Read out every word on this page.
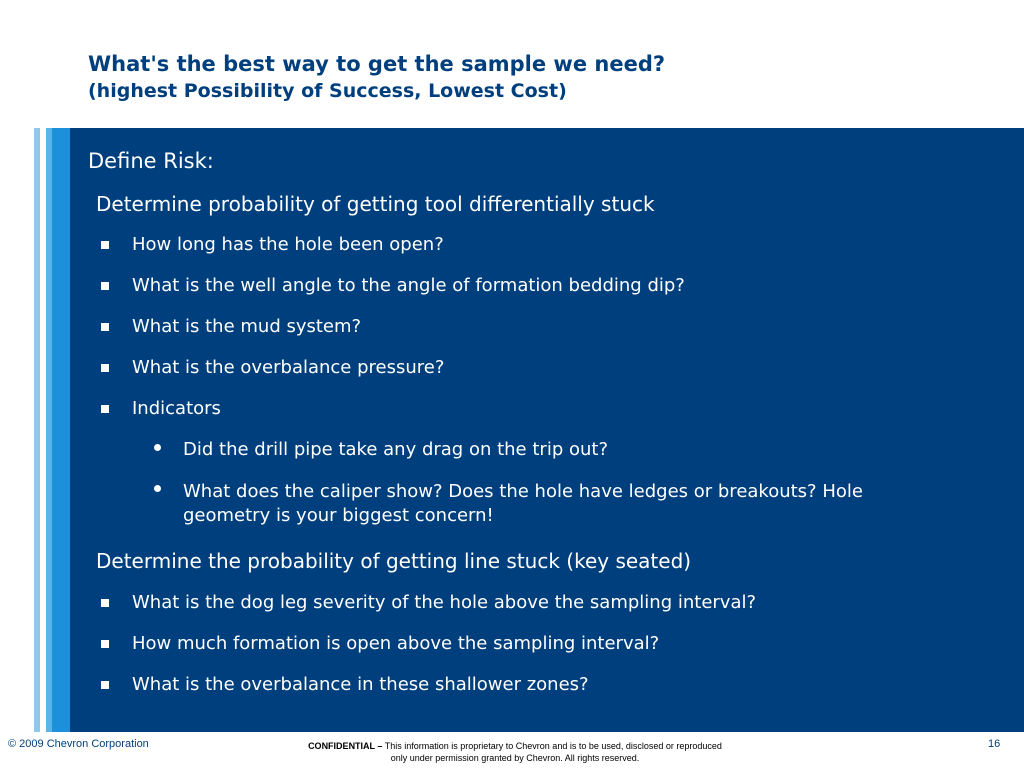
What's the best way to get the sample we need?
(highest Possibility of Success, Lowest Cost)
Define Risk:
Determine probability of getting tool differentially stuck
How long has the hole been open?
What is the well angle to the angle of formation bedding dip?
What is the mud system?
What is the overbalance pressure?
Indicators
Did the drill pipe take any drag on the trip out?
What does the caliper show? Does the hole have ledges or breakouts? Hole geometry is your biggest concern!
Determine the probability of getting line stuck (key seated)
What is the dog leg severity of the hole above the sampling interval?
How much formation is open above the sampling interval?
What is the overbalance in these shallower zones?
© 2009 Chevron Corporation	CONFIDENTIAL – This information is proprietary to Chevron and is to be used, disclosed or reproduced
only under permission granted by Chevron. All rights reserved.
16
